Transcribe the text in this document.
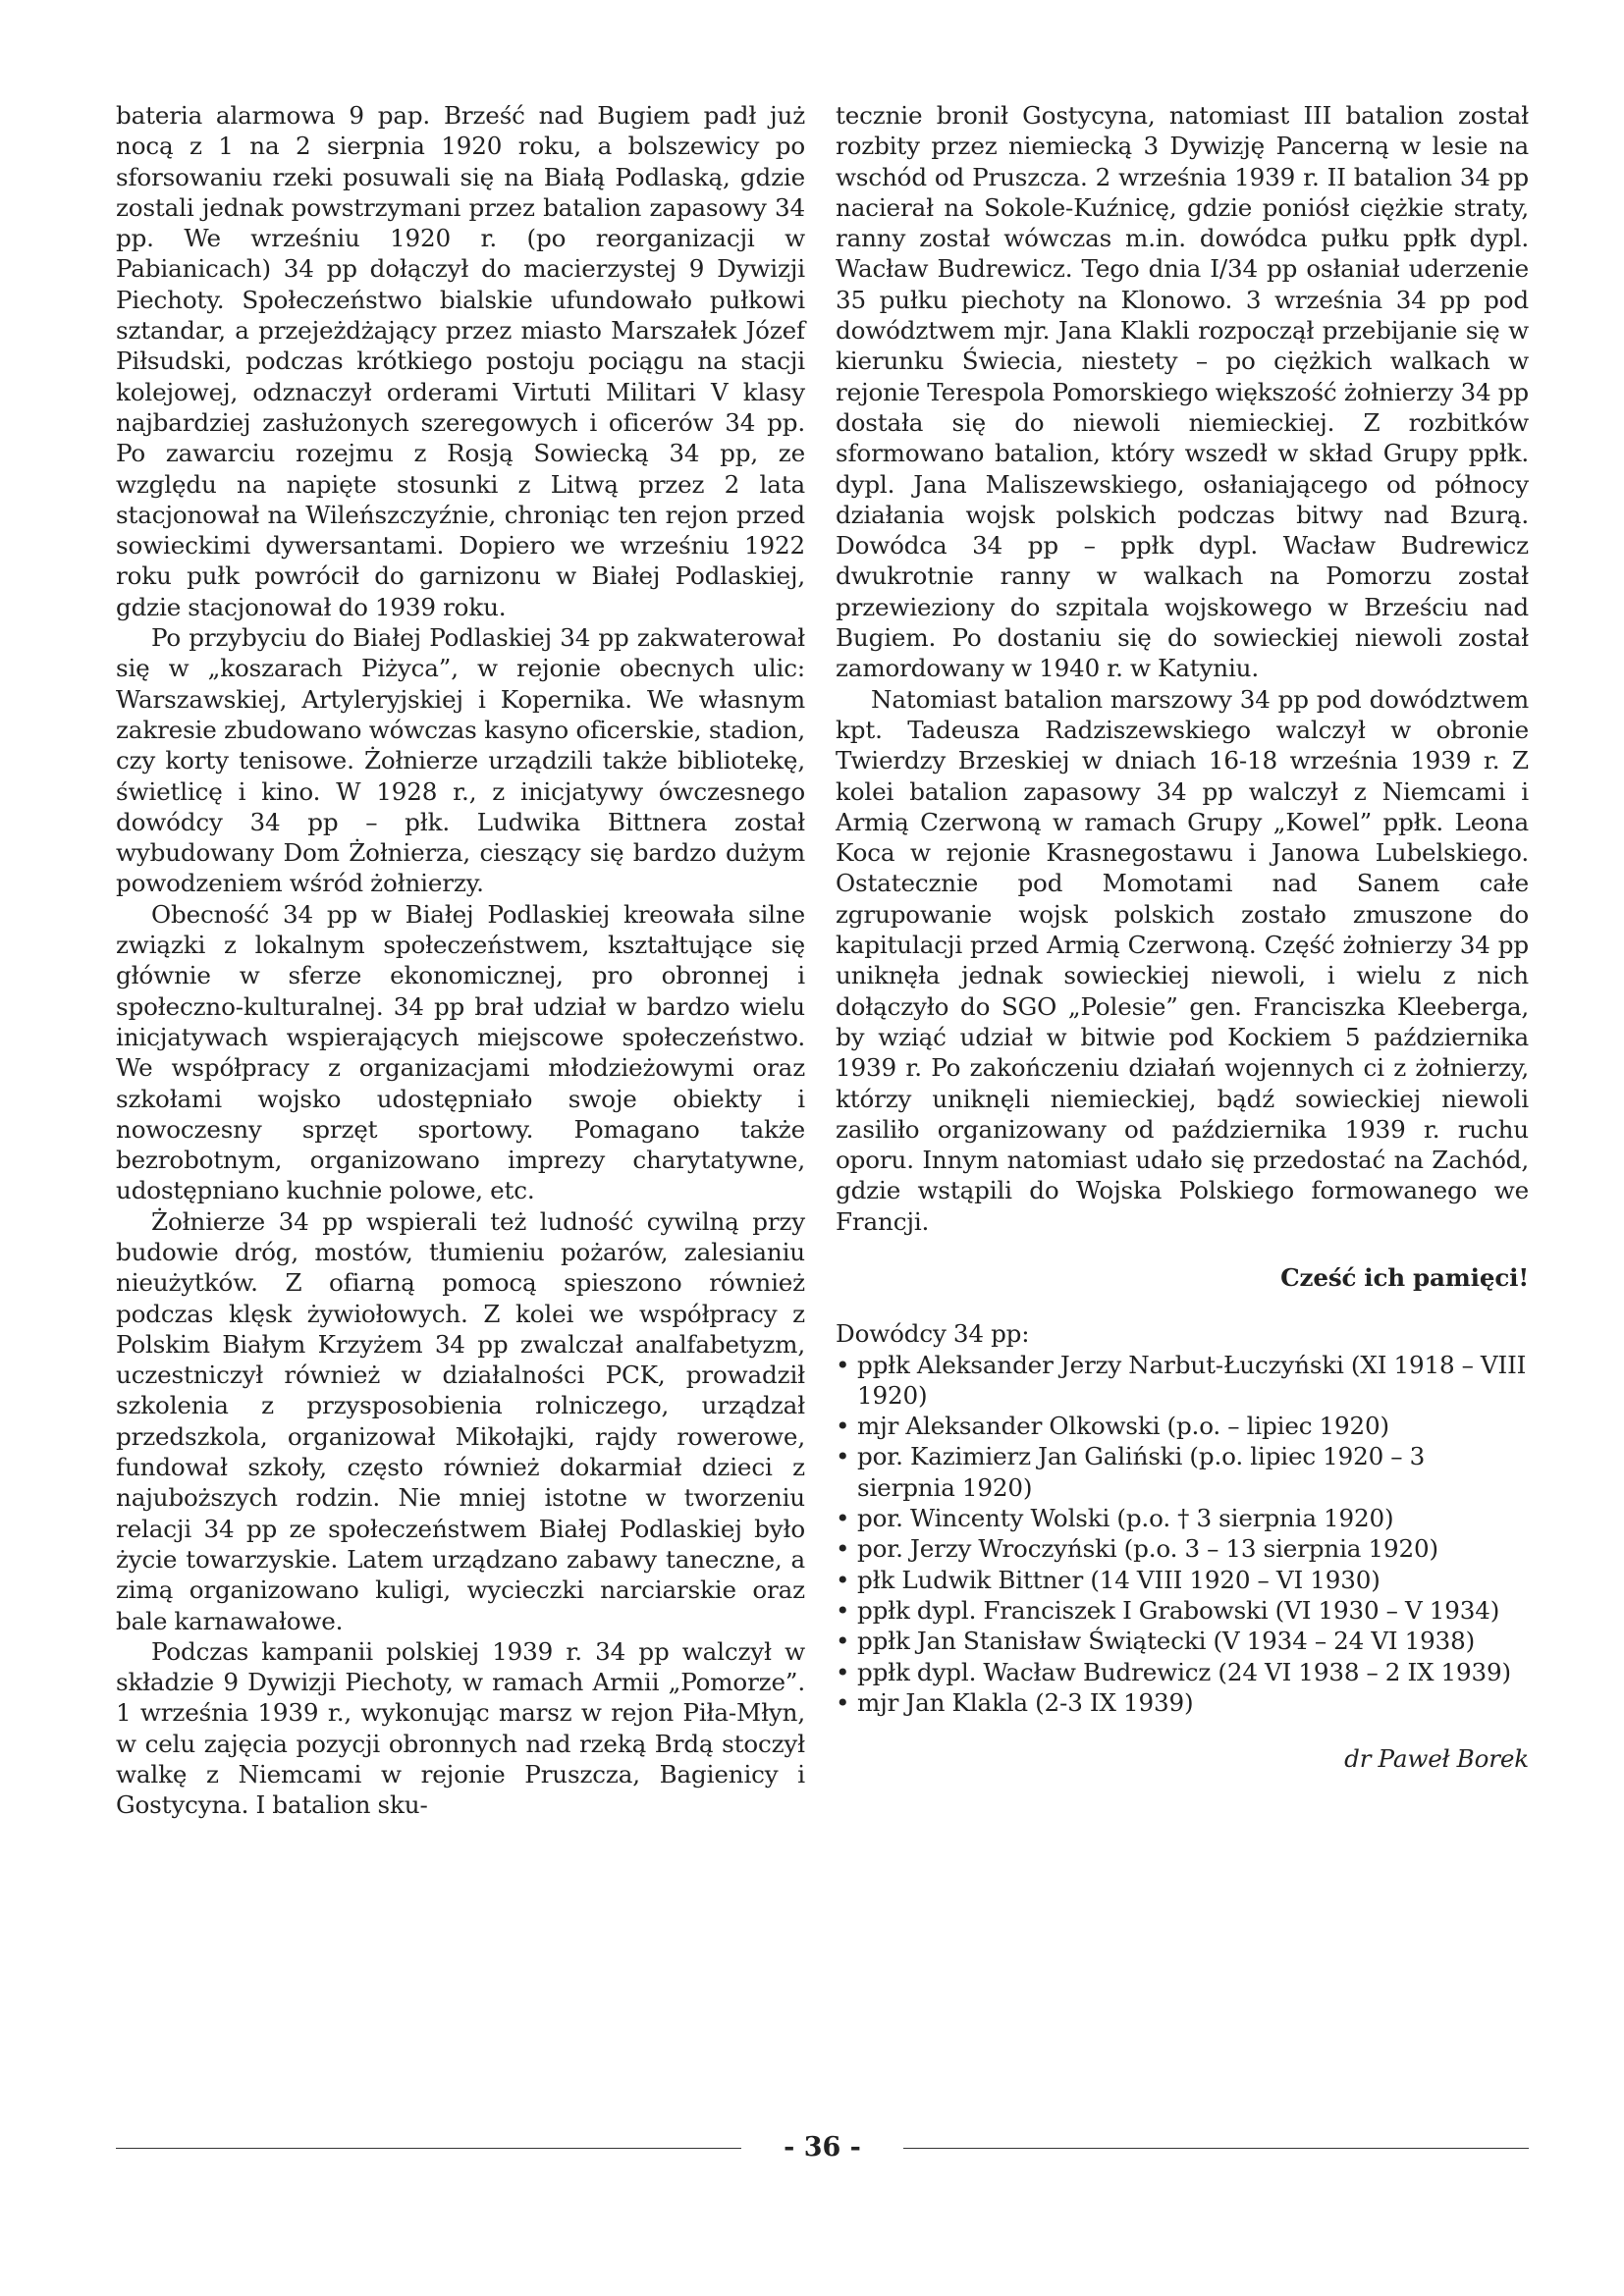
bateria alarmowa 9 pap. Brześć nad Bugiem padł już nocą z 1 na 2 sierpnia 1920 roku, a bolszewicy po sforsowaniu rzeki posuwali się na Białą Podlaską, gdzie zostali jednak powstrzymani przez batalion zapasowy 34 pp. We wrześniu 1920 r. (po reorganizacji w Pabianicach) 34 pp dołączył do macierzystej 9 Dywizji Piechoty. Społeczeństwo bialskie ufundowało pułkowi sztandar, a przejeżdżający przez miasto Marszałek Józef Piłsudski, podczas krótkiego postoju pociągu na stacji kolejowej, odznaczył orderami Virtuti Militari V klasy najbardziej zasłużonych szeregowych i oficerów 34 pp. Po zawarciu rozejmu z Rosją Sowiecką 34 pp, ze względu na napięte stosunki z Litwą przez 2 lata stacjonował na Wileńszczyźnie, chroniąc ten rejon przed sowieckimi dywersantami. Dopiero we wrześniu 1922 roku pułk powrócił do garnizonu w Białej Podlaskiej, gdzie stacjonował do 1939 roku.

Po przybyciu do Białej Podlaskiej 34 pp zakwaterował się w „koszarach Piżyca”, w rejonie obecnych ulic: Warszawskiej, Artyleryjskiej i Kopernika. We własnym zakresie zbudowano wówczas kasyno oficerskie, stadion, czy korty tenisowe. Żołnierze urządzili także bibliotekę, świetlicę i kino. W 1928 r., z inicjatywy ówczesnego dowódcy 34 pp – płk. Ludwika Bittnera został wybudowany Dom Żołnierza, cieszący się bardzo dużym powodzeniem wśród żołnierzy.

Obecność 34 pp w Białej Podlaskiej kreowała silne związki z lokalnym społeczeństwem, kształtujące się głównie w sferze ekonomicznej, pro obronnej i społeczno-kulturalnej. 34 pp brał udział w bardzo wielu inicjatywach wspierających miejscowe społeczeństwo. We współpracy z organizacjami młodzieżowymi oraz szkołami wojsko udostępniało swoje obiekty i nowoczesny sprzęt sportowy. Pomagano także bezrobotnym, organizowano imprezy charytatywne, udostępniano kuchnie polowe, etc.

Żołnierze 34 pp wspierali też ludność cywilną przy budowie dróg, mostów, tłumieniu pożarów, zalesianiu nieużytków. Z ofiarną pomocą spieszono również podczas klęsk żywiołowych. Z kolei we współpracy z Polskim Białym Krzyżem 34 pp zwalczał analfabetyzm, uczestniczył również w działalności PCK, prowadził szkolenia z przysposobienia rolniczego, urządzał przedszkola, organizował Mikołajki, rajdy rowerowe, fundował szkoły, często również dokarmiał dzieci z najuboższych rodzin. Nie mniej istotne w tworzeniu relacji 34 pp ze społeczeństwem Białej Podlaskiej było życie towarzyskie. Latem urządzano zabawy taneczne, a zimą organizowano kuligi, wycieczki narciarskie oraz bale karnawałowe.

Podczas kampanii polskiej 1939 r. 34 pp walczył w składzie 9 Dywizji Piechoty, w ramach Armii „Pomorze”. 1 września 1939 r., wykonując marsz w rejon Piła-Młyn, w celu zajęcia pozycji obronnych nad rzeką Brdą stoczył walkę z Niemcami w rejonie Pruszcza, Bagienicy i Gostycyna. I batalion sku-

tecznie bronił Gostycyna, natomiast III batalion został rozbity przez niemiecką 3 Dywizję Pancerną w lesie na wschód od Pruszcza. 2 września 1939 r. II batalion 34 pp nacierał na Sokole-Kuźnicę, gdzie poniósł ciężkie straty, ranny został wówczas m.in. dowódca pułku ppłk dypl. Wacław Budrewicz. Tego dnia I/34 pp osłaniał uderzenie 35 pułku piechoty na Klonowo. 3 września 34 pp pod dowództwem mjr. Jana Klakli rozpoczął przebijanie się w kierunku Świecia, niestety – po ciężkich walkach w rejonie Terespola Pomorskiego większość żołnierzy 34 pp dostała się do niewoli niemieckiej. Z rozbitków sformowano batalion, który wszedł w skład Grupy ppłk. dypl. Jana Maliszewskiego, osłaniającego od północy działania wojsk polskich podczas bitwy nad Bzurą. Dowódca 34 pp – ppłk dypl. Wacław Budrewicz dwukrotnie ranny w walkach na Pomorzu został przewieziony do szpitala wojskowego w Brześciu nad Bugiem. Po dostaniu się do sowieckiej niewoli został zamordowany w 1940 r. w Katyniu.

Natomiast batalion marszowy 34 pp pod dowództwem kpt. Tadeusza Radziszewskiego walczył w obronie Twierdzy Brzeskiej w dniach 16-18 września 1939 r. Z kolei batalion zapasowy 34 pp walczył z Niemcami i Armią Czerwoną w ramach Grupy „Kowel” ppłk. Leona Koca w rejonie Krasnegostawu i Janowa Lubelskiego. Ostatecznie pod Momotami nad Sanem całe zgrupowanie wojsk polskich zostało zmuszone do kapitulacji przed Armią Czerwoną. Część żołnierzy 34 pp uniknęła jednak sowieckiej niewoli, i wielu z nich dołączyło do SGO „Polesie” gen. Franciszka Kleeberga, by wziąć udział w bitwie pod Kockiem 5 października 1939 r. Po zakończeniu działań wojennych ci z żołnierzy, którzy uniknęli niemieckiej, bądź sowieckiej niewoli zasiliło organizowany od października 1939 r. ruchu oporu. Innym natomiast udało się przedostać na Zachód, gdzie wstąpili do Wojska Polskiego formowanego we Francji.

Cześć ich pamięci!
Dowódcy 34 pp:
• ppłk Aleksander Jerzy Narbut-Łuczyński (XI 1918 – VIII 1920)
• mjr Aleksander Olkowski (p.o. – lipiec 1920)
• por. Kazimierz Jan Galiński (p.o. lipiec 1920 – 3 sierpnia 1920)
• por. Wincenty Wolski (p.o. † 3 sierpnia 1920)
• por. Jerzy Wroczyński (p.o. 3 – 13 sierpnia 1920)
• płk Ludwik Bittner (14 VIII 1920 – VI 1930)
• ppłk dypl. Franciszek I Grabowski (VI 1930 – V 1934)
• ppłk Jan Stanisław Świątecki (V 1934 – 24 VI 1938)
• ppłk dypl. Wacław Budrewicz (24 VI 1938 – 2 IX 1939)
• mjr Jan Klakla (2-3 IX 1939)
dr Paweł Borek
- 36 -
